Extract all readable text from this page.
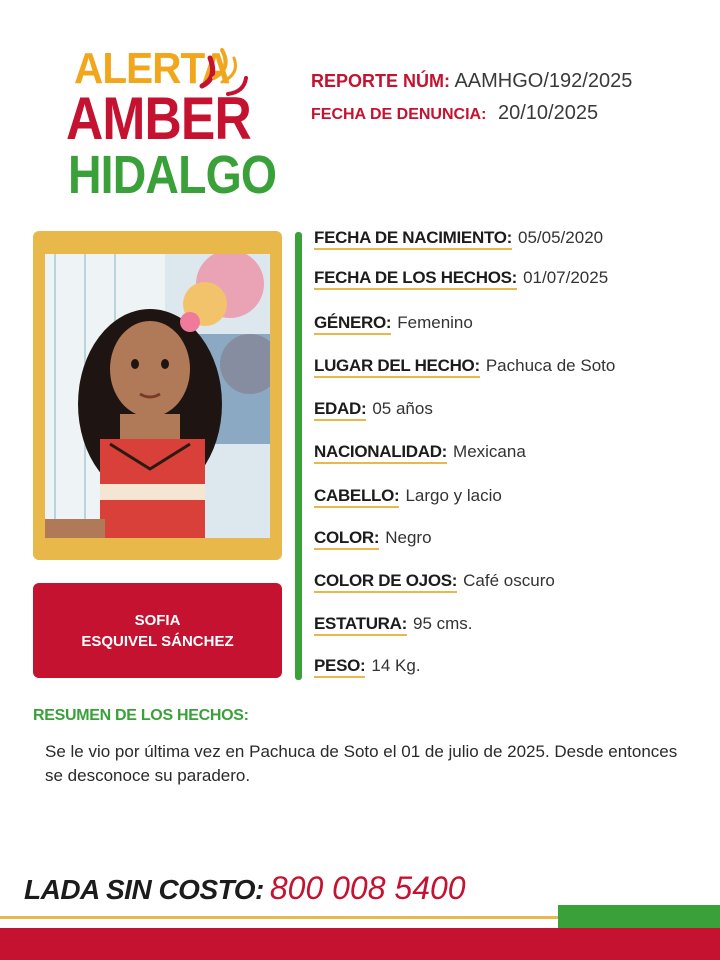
ALERTA
AMBER
HIDALGO
REPORTE NÚM: AAMHGO/192/2025
FECHA DE DENUNCIA: 20/10/2025
SOFIA
ESQUIVEL SÁNCHEZ
FECHA DE NACIMIENTO: 05/05/2020
FECHA DE LOS HECHOS: 01/07/2025
GÉNERO: Femenino
LUGAR DEL HECHO: Pachuca de Soto
EDAD: 05 años
NACIONALIDAD: Mexicana
CABELLO: Largo y lacio
COLOR: Negro
COLOR DE OJOS: Café oscuro
ESTATURA: 95 cms.
PESO: 14 Kg.
RESUMEN DE LOS HECHOS:
Se le vio por última vez en Pachuca de Soto el 01 de julio de 2025. Desde entonces se desconoce su paradero.
LADA SIN COSTO: 800 008 5400
